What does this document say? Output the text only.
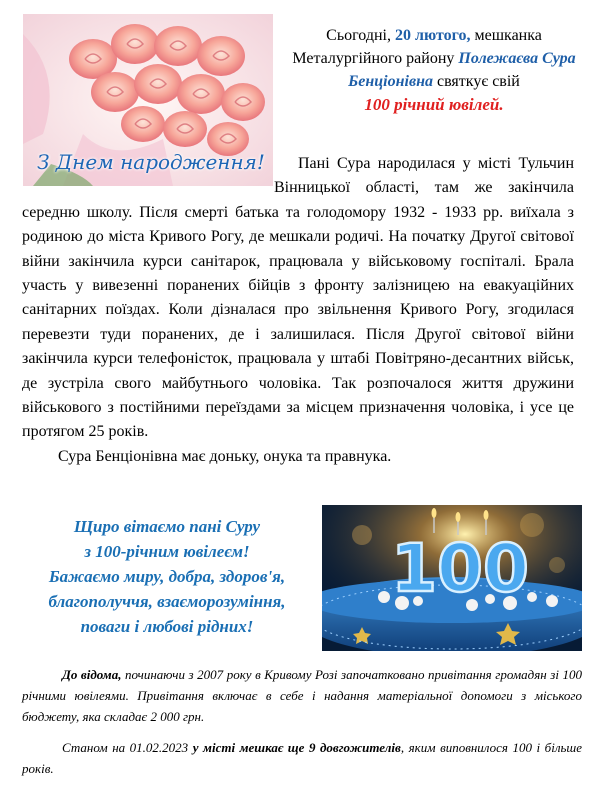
З Днем народження!
Сьогодні, 20 лютого, мешканка Металургійного району Полежаєва Сура Бенціонівна святкує свій
100 річний ювілей.

Пані Сура народилася у місті Тульчин Вінницької області, там же закінчила середню школу. Після смерті батька та голодомору 1932 - 1933 рр. виїхала з родиною до міста Кривого Рогу, де мешкали родичі. На початку Другої світової війни закінчила курси санітарок, працювала у військовому госпіталі. Брала участь у вивезенні поранених бійців з фронту залізницею на евакуаційних санітарних поїздах. Коли дізналася про звільнення Кривого Рогу, згодилася перевезти туди поранених, де і залишилася. Після Другої світової війни закінчила курси телефоністок, працювала у штабі Повітряно-десантних військ, де зустріла свого майбутнього чоловіка. Так розпочалося життя дружини військового з постійними переїздами за місцем призначення чоловіка, і усе це протягом 25 років.

Сура Бенціонівна має доньку, онука та правнука.

Щиро вітаємо пані Суру
з 100-річним ювілеєм!
Бажаємо миру, добра, здоров'я,
благополуччя, взаєморозуміння,
поваги і любові рідних!
100

До відома, починаючи з 2007 року в Кривому Розі започатковано привітання громадян зі 100 річними ювілеями. Привітання включає в себе і надання матеріальної допомоги з міського бюджету, яка складає 2 000 грн.

Станом на 01.02.2023 у місті мешкає ще 9 довгожителів, яким виповнилося 100 і більше років.
